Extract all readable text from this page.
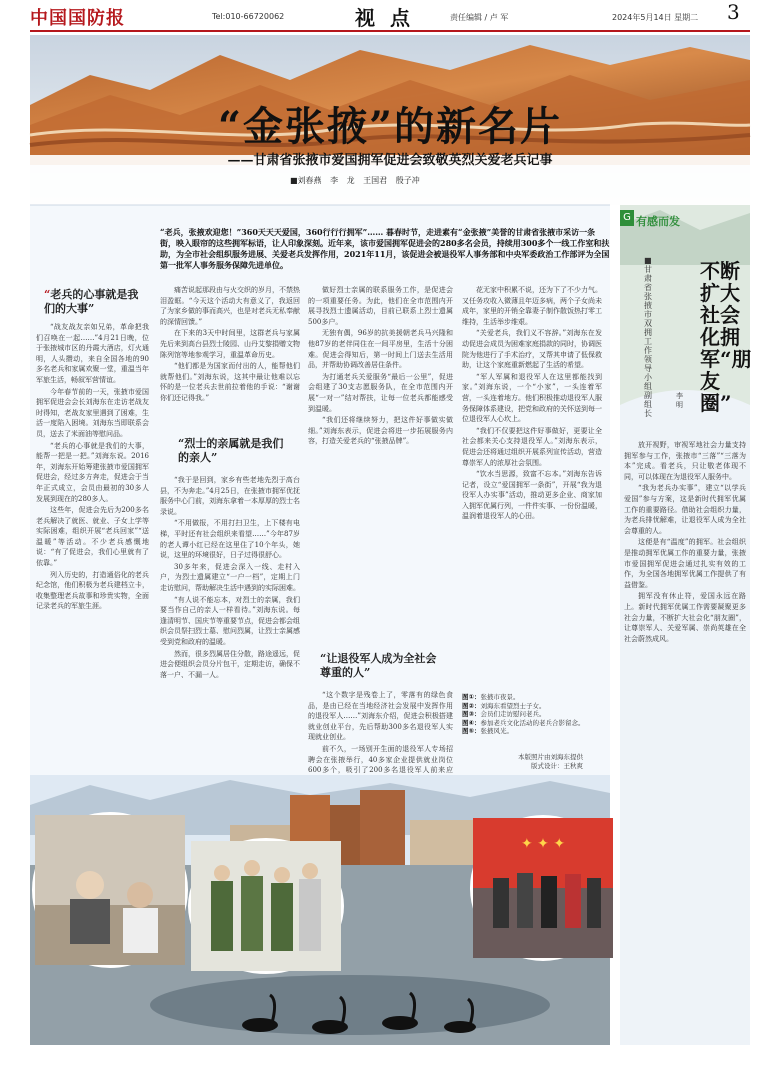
中国国防报	Tel:010-66720062	视 点	责任编辑 / 卢 军	2024年5月14日 星期二 3
“金张掖”的新名片
——甘肃省张掖市爱国拥军促进会致敬英烈关爱老兵记事
■刘春燕 李 龙 王国君 殷子冲
“老兵，张掖欢迎您！”360天天天爱国，360行行行拥军”…… 暮春时节，走进素有“金张掖”美誉的甘肃省张掖市采访一条街，映入眼帘的这些拥军标语，让人印象深刻。近年来，该市爱国拥军促进会的280多名会员，持续用300多个一线工作室和扶助，为全市社会组织服务进展、关爱老兵发挥作用，2021年11月，该促进会被退役军人事务部和中央军委政治工作部评为全国第一批军人事务服务保障先进单位。
“老兵的心事就是我们的大事”

“战友战友亲如兄弟，革命把我们召唤在一起……”4月21日晚，位于张掖城市区的丹霞大酒店，灯火通明，人头攒动，来自全国各地的90多名老兵和家属欢聚一堂，重温当年军旅生活，畅叙军营情谊。

今年春节前的一天，张掖市爱国拥军促进会会长刘海东在走访老战友时得知，老战友家里遇到了困难，生活一度陷入困境。刘海东当即联系会员，送去了米面油等慰问品。

“老兵的心事就是我们的大事，能帮一把是一把。”刘海东说。2016年，刘海东开始筹建张掖市爱国拥军促进会，经过多方奔走，促进会于当年正式成立，会员由最初的30多人发展到现在的280多人。

这些年，促进会先后为200多名老兵解决了就医、就业、子女上学等实际困难，组织开展“老兵回家”“送温暖”等活动。不少老兵感慨地说：“有了促进会，我们心里就有了依靠。”

列入历史的，打造通俗化的老兵纪念馆，他们积极为老兵建档立卡，收集整理老兵故事和珍贵实物，全面记录老兵的军旅生涯。

痛苦说起那段由与火交织的岁月，不禁热泪盈眶。“今天这个活动大有意义了，我返回了为家乡做的事而高兴，也是对老兵无私奉献的深情回馈。”

在下来的3天中时间里，这群老兵与家属先后来到高台县烈士陵园、山丹艾黎捐赠文物陈列馆等地参观学习，重温革命历史。

“他们都是为国家而付出的人，能帮他们就帮他们。”刘海东说，这其中最让他难以忘怀的是一位老兵去世前拉着他的手说：“谢谢你们还记得我。”

“烈士的亲属就是我们的亲人”

“我于是回到，家乡有些老地先烈于高台县，不为奔走。”4月25日，在张掖市拥军优抚服务中心门前，刘海东拿着一本厚厚的烈士名录说。

“不用做报，不用打扫卫生，上下楼有电梯，平时还有社会组织来看望……”今年87岁的老人谭小红已经在这里住了10个年头，她说，这里的环境很好，日子过得很舒心。

30多年来，促进会深入一线、走村入户，为烈士遗属建立“一户一档”，定期上门走访慰问，帮助解决生活中遇到的实际困难。

“有人说不能忘本，对烈士的亲属，我们要当作自己的亲人一样看待。”刘海东说。每逢清明节、国庆节等重要节点，促进会都会组织会员祭扫烈士墓、慰问烈属，让烈士亲属感受到党和政府的温暖。

然而，很多烈属居住分散，路途遥远，促进会便组织会员分片包干，定期走访，确保不落一户、不漏一人。

做好烈士亲属的联系服务工作，是促进会的一项重要任务。为此，他们在全市范围内开展寻找烈士遗属活动，目前已联系上烈士遗属500多户。

无独有偶，96岁的抗美援朝老兵马兴隆和他87岁的老伴同住在一间平房里，生活十分困难。促进会得知后，第一时间上门送去生活用品，并帮助协调改善居住条件。

为打通老兵关爱服务“最后一公里”，促进会组建了30支志愿服务队，在全市范围内开展“一对一”结对帮扶，让每一位老兵都能感受到温暖。

“我们还将继续努力，把这件好事做实做细。”刘海东表示，促进会将进一步拓展服务内容，打造关爱老兵的“张掖品牌”。

“让退役军人成为全社会尊重的人”

“这个数字是残卷上了，零落有的绿色食品，是由已经在当地经济社会发展中发挥作用的退役军人……”刘海东介绍，促进会积极搭建就业创业平台，先后帮助300多名退役军人实现就业创业。

前不久，一场别开生面的退役军人专场招聘会在张掖举行，40多家企业提供就业岗位600多个，吸引了200多名退役军人前来应

花无家中积累不说，还为下了不少力气。又任务攻收入微薄且年迈多病，两个子女尚未成年，家里的开销全靠妻子制作散饭热打零工维持，生活举步维艰。

“关爱老兵，我们义不容辞。”刘海东在发动促进会成员为困难家庭捐款的同时，协调医院为他进行了手术治疗，又帮其申请了低保救助，让这个家庭重新燃起了生活的希望。

“军人军属和退役军人在这里都能找到家。”刘海东说，一个“小家”，一头连着军营，一头连着地方。他们积极推动退役军人服务保障体系建设，把党和政府的关怀送到每一位退役军人心坎上。

“我们不仅要把这件好事做好，更要让全社会都来关心支持退役军人。”刘海东表示，促进会还将通过组织开展系列宣传活动，营造尊崇军人的浓厚社会氛围。

“饮水当思源，致富不忘本。”刘海东告诉记者，设立“爱国拥军一条街”，开展“我为退役军人办实事”活动，推动更多企业、商家加入拥军优属行列，一件件实事、一份份温暖，温润着退役军人的心田。

图①：张掖市夜景。
图②：刘海东看望烈士子女。
图③：会员们走访慰问老兵。
图④：参加老兵文化活动的老兵合影留念。
图⑤：张掖风光。
本版照片由刘海东提供
版式设计：王秋爽
✦ ✦ ✦
G 有感而发
不断扩大社会化拥军“朋友圈”
■甘肃省张掖市双拥工作领导小组副组长
李 明

放开视野，审视军地社会力量支持拥军参与工作，张掖市“三落”“三落为本”完成。看老兵，只让敬老体现不同，可以体现在为退役军人服务中。

“我为老兵办实事”，建立“以学兵爱国”参与方案，这是新时代拥军优属工作的重要路径。借助社会组织力量，为老兵排忧解难，让退役军人成为全社会尊重的人。

这便是有“温度”的拥军。社会组织是推动拥军优属工作的重要力量，张掖市爱国拥军促进会通过扎实有效的工作，为全国各地拥军优属工作提供了有益借鉴。

拥军没有休止符，爱国永远在路上。新时代拥军优属工作需要凝聚更多社会力量，不断扩大社会化“朋友圈”，让尊崇军人、关爱军属、崇尚英雄在全社会蔚然成风。
